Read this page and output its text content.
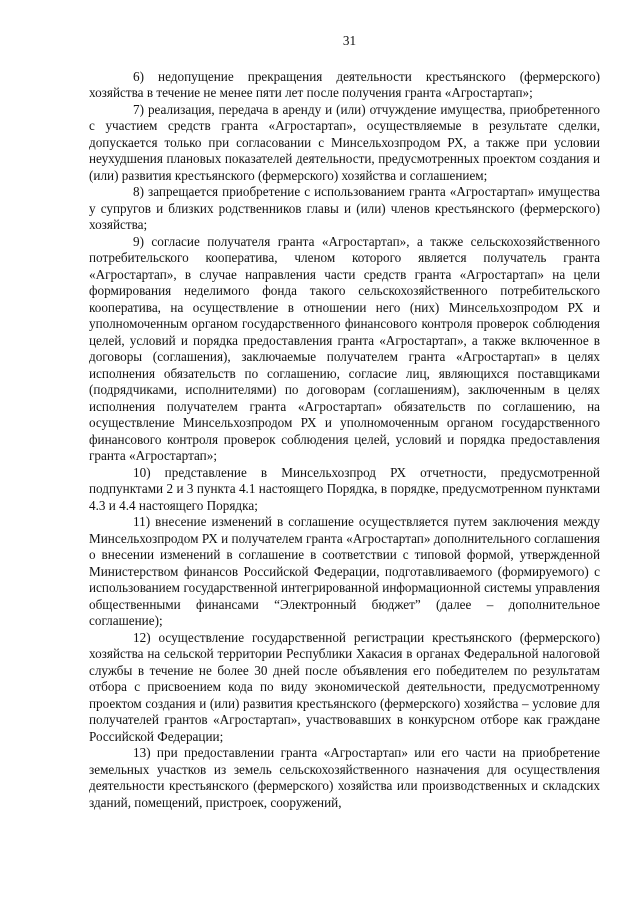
31

6) недопущение прекращения деятельности крестьянского (фермерского) хозяйства в течение не менее пяти лет после получения гранта «Агростартап»;

7) реализация, передача в аренду и (или) отчуждение имущества, приобретенного с участием средств гранта «Агростартап», осуществляемые в результате сделки, допускается только при согласовании с Минсельхозпродом РХ, а также при условии неухудшения плановых показателей деятельности, предусмотренных проектом создания и (или) развития крестьянского (фермерского) хозяйства и соглашением;

8) запрещается приобретение с использованием гранта «Агростартап» имущества у супругов и близких родственников главы и (или) членов крестьянского (фермерского) хозяйства;

9) согласие получателя гранта «Агростартап», а также сельскохозяйственного потребительского кооператива, членом которого является получатель гранта «Агростартап», в случае направления части средств гранта «Агростартап» на цели формирования неделимого фонда такого сельскохозяйственного потребительского кооператива, на осуществление в отношении него (них) Минсельхозпродом РХ и уполномоченным органом государственного финансового контроля проверок соблюдения целей, условий и порядка предоставления гранта «Агростартап», а также включенное в договоры (соглашения), заключаемые получателем гранта «Агростартап» в целях исполнения обязательств по соглашению, согласие лиц, являющихся поставщиками (подрядчиками, исполнителями) по договорам (соглашениям), заключенным в целях исполнения получателем гранта «Агростартап» обязательств по соглашению, на осуществление Минсельхозпродом РХ и уполномоченным органом государственного финансового контроля проверок соблюдения целей, условий и порядка предоставления гранта «Агростартап»;

10) представление в Минсельхозпрод РХ отчетности, предусмотренной подпунктами 2 и 3 пункта 4.1 настоящего Порядка, в порядке, предусмотренном пунктами 4.3 и 4.4 настоящего Порядка;

11) внесение изменений в соглашение осуществляется путем заключения между Минсельхозпродом РХ и получателем гранта «Агростартап» дополнительного соглашения о внесении изменений в соглашение в соответствии с типовой формой, утвержденной Министерством финансов Российской Федерации, подготавливаемого (формируемого) с использованием государственной интегрированной информационной системы управления общественными финансами “Электронный бюджет” (далее – дополнительное соглашение);

12) осуществление государственной регистрации крестьянского (фермерского) хозяйства на сельской территории Республики Хакасия в органах Федеральной налоговой службы в течение не более 30 дней после объявления его победителем по результатам отбора с присвоением кода по виду экономической деятельности, предусмотренному проектом создания и (или) развития крестьянского (фермерского) хозяйства – условие для получателей грантов «Агростартап», участвовавших в конкурсном отборе как граждане Российской Федерации;

13) при предоставлении гранта «Агростартап» или его части на приобретение земельных участков из земель сельскохозяйственного назначения для осуществления деятельности крестьянского (фермерского) хозяйства или производственных и складских зданий, помещений, пристроек, сооружений,
